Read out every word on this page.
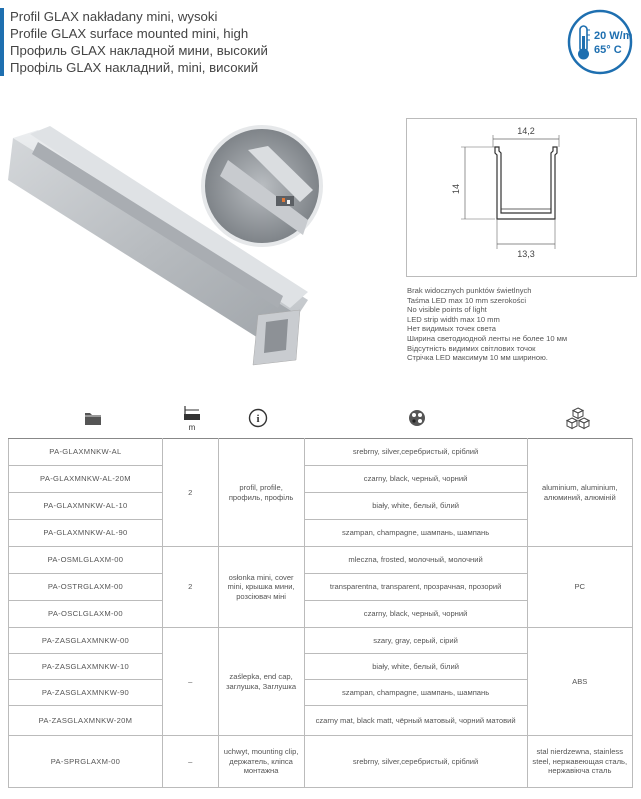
Profil GLAX nakładany mini, wysoki
Profile GLAX surface mounted mini, high
Профиль GLAX накладной мини, высокий
Профіль GLAX накладний, mini, високий
20 W/m
65° C
14,2
14
13,3
Brak widocznych punktów świetlnych
Taśma LED max 10 mm szerokości
No visible points of light
LED strip width max 10 mm
Нет видимых точек света
Ширина светодиодной ленты не более 10 мм
Відсутність видимих світлових точок
Стрічка LED максимум 10 мм шириною.
m
i
PA-GLAXMNKW-AL	2	profil, profile, профиль, профіль	srebrny, silver,серебристый, сріблий	aluminium, aluminium, алюминий, алюміній
PA-GLAXMNKW-AL-20M			czarny, black, черный, чорний	
PA-GLAXMNKW-AL-10			biały, white, белый, білий	
PA-GLAXMNKW-AL-90			szampan, champagne, шампань, шампань	
PA-OSMLGLAXM-00	2	osłonka mini, cover mini, крышка мини, розсіювач міні	mleczna, frosted, молочный, молочний	PC
PA-OSTRGLAXM-00			transparentna, transparent, прозрачная, прозорий	
PA-OSCLGLAXM-00			czarny, black, черный, чорний	
PA-ZASGLAXMNKW-00	–	zaślepka, end cap, заглушка, Заглушка	szary, gray, серый, сірий	ABS
PA-ZASGLAXMNKW-10			biały, white, белый, білий	
PA-ZASGLAXMNKW-90			szampan, champagne, шампань, шампань	
PA-ZASGLAXMNKW-20M			czarny mat, black matt, чёрный матовый, чорний матовий	
PA-SPRGLAXM-00	–	uchwyt, mounting clip, держатель, кліпса монтажна	srebrny, silver,серебристый, сріблий	stal nierdzewna, stainless steel, нержавеющая сталь, нержавіюча сталь
